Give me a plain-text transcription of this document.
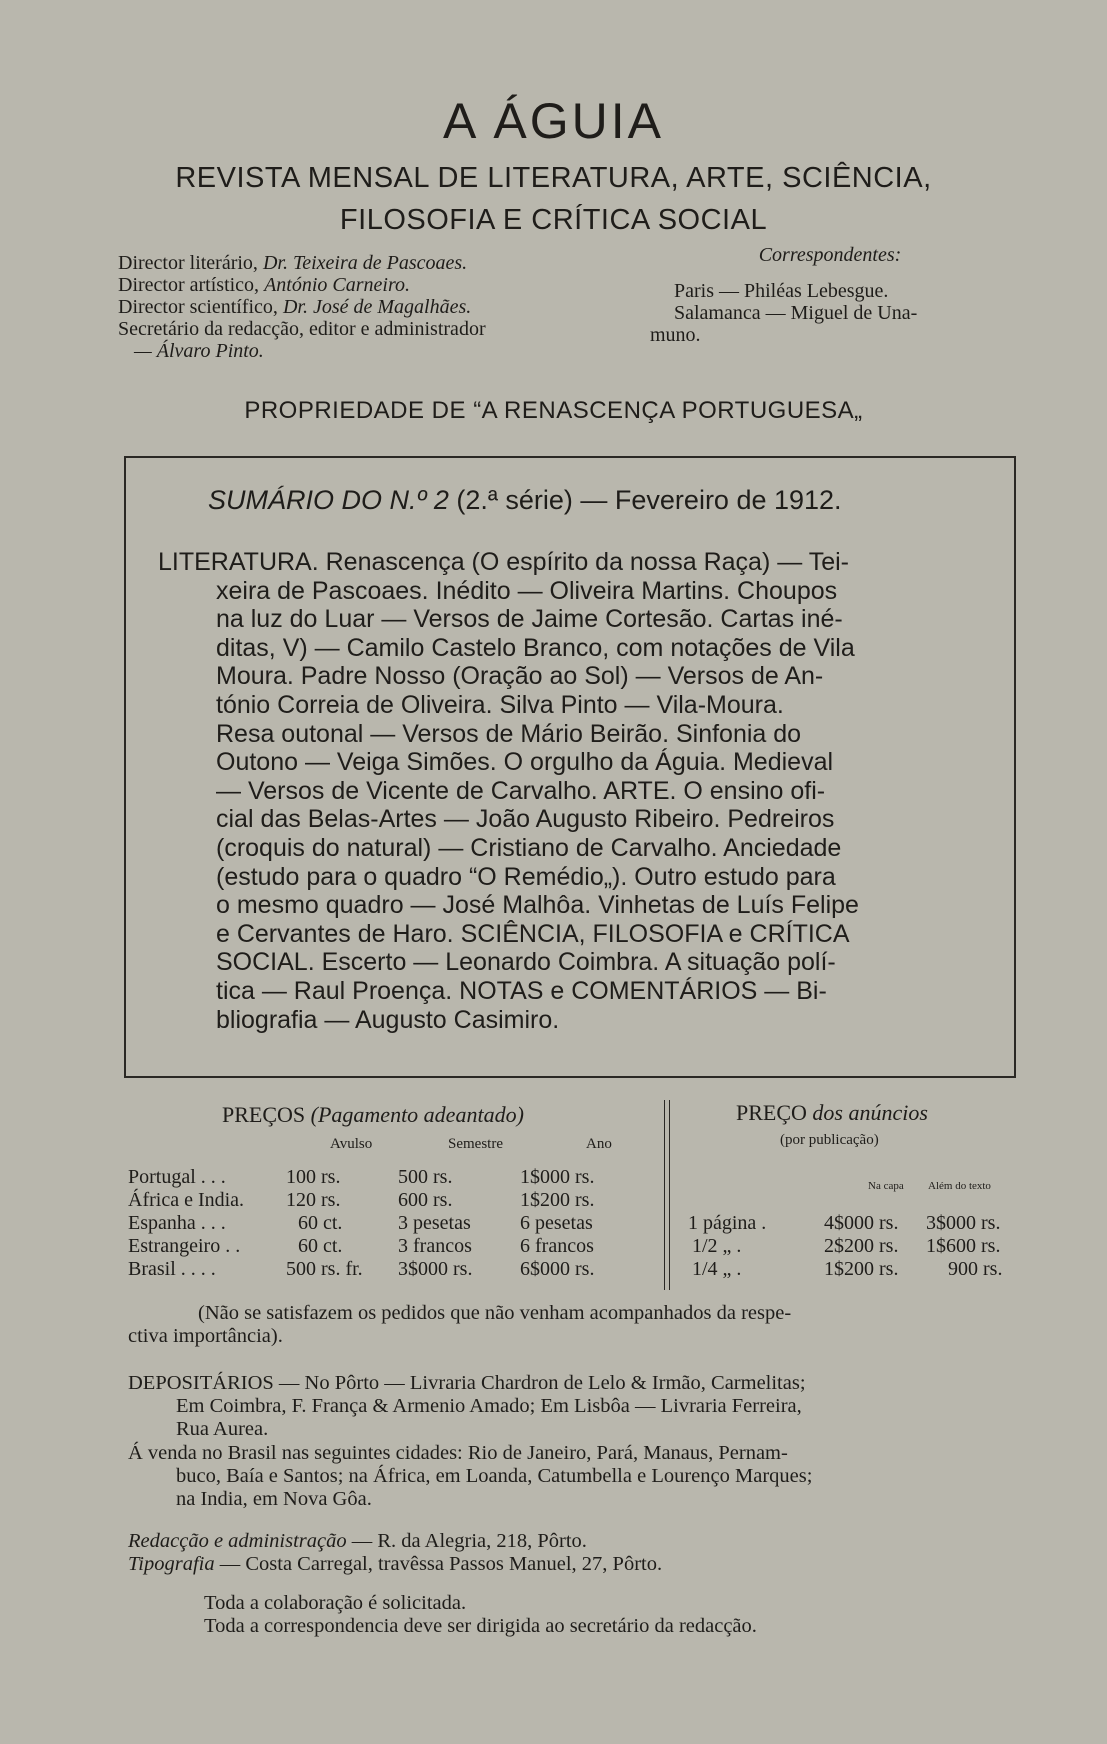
A ÁGUIA
REVISTA MENSAL DE LITERATURA, ARTE, SCIÊNCIA,
FILOSOFIA E CRÍTICA SOCIAL
Director literário, Dr. Teixeira de Pascoaes.
Director artístico, António Carneiro.
Director scientífico, Dr. José de Magalhães.
Secretário da redacção, editor e administrador
— Álvaro Pinto.
Correspondentes:
Paris — Philéas Lebesgue.
Salamanca — Miguel de Una-
muno.
PROPRIEDADE DE “A RENASCENÇA PORTUGUESA„
SUMÁRIO DO N.º 2 (2.ª série) — Fevereiro de 1912.
LITERATURA. Renascença (O espírito da nossa Raça) — Tei-
xeira de Pascoaes. Inédito — Oliveira Martins. Choupos
na luz do Luar — Versos de Jaime Cortesão. Cartas iné-
ditas, V) — Camilo Castelo Branco, com notações de Vila
Moura. Padre Nosso (Oração ao Sol) — Versos de An-
tónio Correia de Oliveira. Silva Pinto — Vila-Moura.
Resa outonal — Versos de Mário Beirão. Sinfonia do
Outono — Veiga Simões. O orgulho da Águia. Medieval
— Versos de Vicente de Carvalho. ARTE. O ensino ofi-
cial das Belas-Artes — João Augusto Ribeiro. Pedreiros
(croquis do natural) — Cristiano de Carvalho. Anciedade
(estudo para o quadro “O Remédio„). Outro estudo para
o mesmo quadro — José Malhôa. Vinhetas de Luís Felipe
e Cervantes de Haro. SCIÊNCIA, FILOSOFIA e CRÍTICA
SOCIAL. Escerto — Leonardo Coimbra. A situação polí-
tica — Raul Proença. NOTAS e COMENTÁRIOS — Bi-
bliografia — Augusto Casimiro.
PREÇOS (Pagamento adeantado)
Avulso	Semestre	Ano
Portugal . . .	100 rs.	500 rs.	1$000 rs.
África e India.	120 rs.	600 rs.	1$200 rs.
Espanha . . .	60 ct.	3 pesetas	6 pesetas
Estrangeiro . .	60 ct.	3 francos	6 francos
Brasil . . . .	500 rs. fr.	3$000 rs.	6$000 rs.
PREÇO dos anúncios
(por publicação)
Na capa Além do texto
1 página .	4$000 rs.	3$000 rs.
1/2 „ .	2$200 rs.	1$600 rs.
1/4 „ .	1$200 rs.	900 rs.
(Não se satisfazem os pedidos que não venham acompanhados da respe-
ctiva importância).
DEPOSITÁRIOS — No Pôrto — Livraria Chardron de Lelo & Irmão, Carmelitas;
Em Coimbra, F. França & Armenio Amado; Em Lisbôa — Livraria Ferreira,
Rua Aurea.
Á venda no Brasil nas seguintes cidades: Rio de Janeiro, Pará, Manaus, Pernam-
buco, Baía e Santos; na África, em Loanda, Catumbella e Lourenço Marques;
na India, em Nova Gôa.
Redacção e administração — R. da Alegria, 218, Pôrto.
Tipografia — Costa Carregal, travêssa Passos Manuel, 27, Pôrto.
Toda a colaboração é solicitada.
Toda a correspondencia deve ser dirigida ao secretário da redacção.
